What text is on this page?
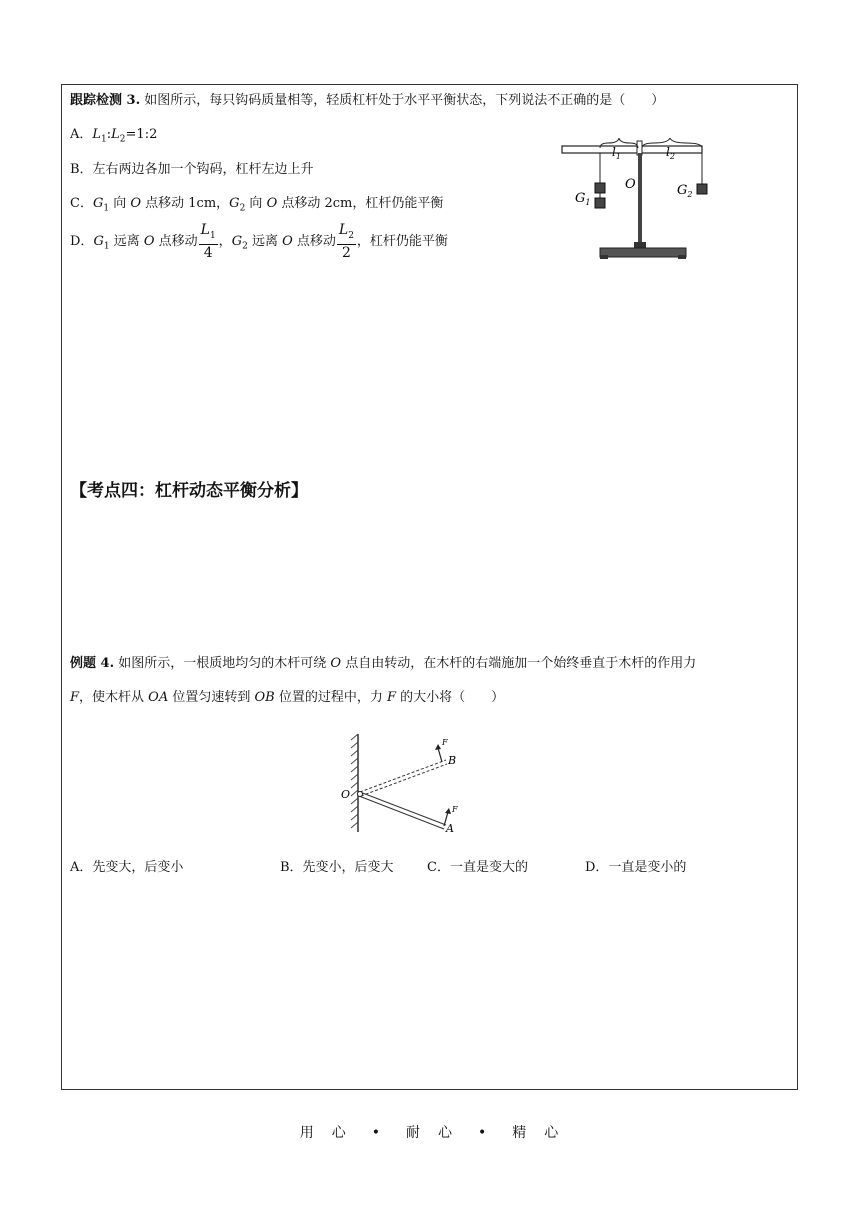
跟踪检测 3. 如图所示，每只钩码质量相等，轻质杠杆处于水平平衡状态，下列说法不正确的是（　　）
A．$L_1:L_2=1:2$
B．左右两边各加一个钩码，杠杆左边上升
C．$G_1$ 向 O 点移动 1cm，$G_2$ 向 O 点移动 2cm，杠杆仍能平衡
D．$G_1$ 远离 O 点移动 $\frac{L_1}{4}$ ，$G_2$ 远离 O 点移动 $\frac{L_2}{2}$ ，杠杆仍能平衡
$l_1$	$l_2$
O
$G_1$
$G_2$
【考点四：杠杆动态平衡分析】
例题 4. 如图所示，一根质地均匀的木杆可绕 O 点自由转动，在木杆的右端施加一个始终垂直于木杆的作用力
F，使木杆从 OA 位置匀速转到 OB 位置的过程中，力 F 的大小将（　　）
O
B
A
F
F
A．先变大，后变小	B．先变小，后变大	C．一直是变大的	D．一直是变小的
用　心 • 耐　心 • 精　心
